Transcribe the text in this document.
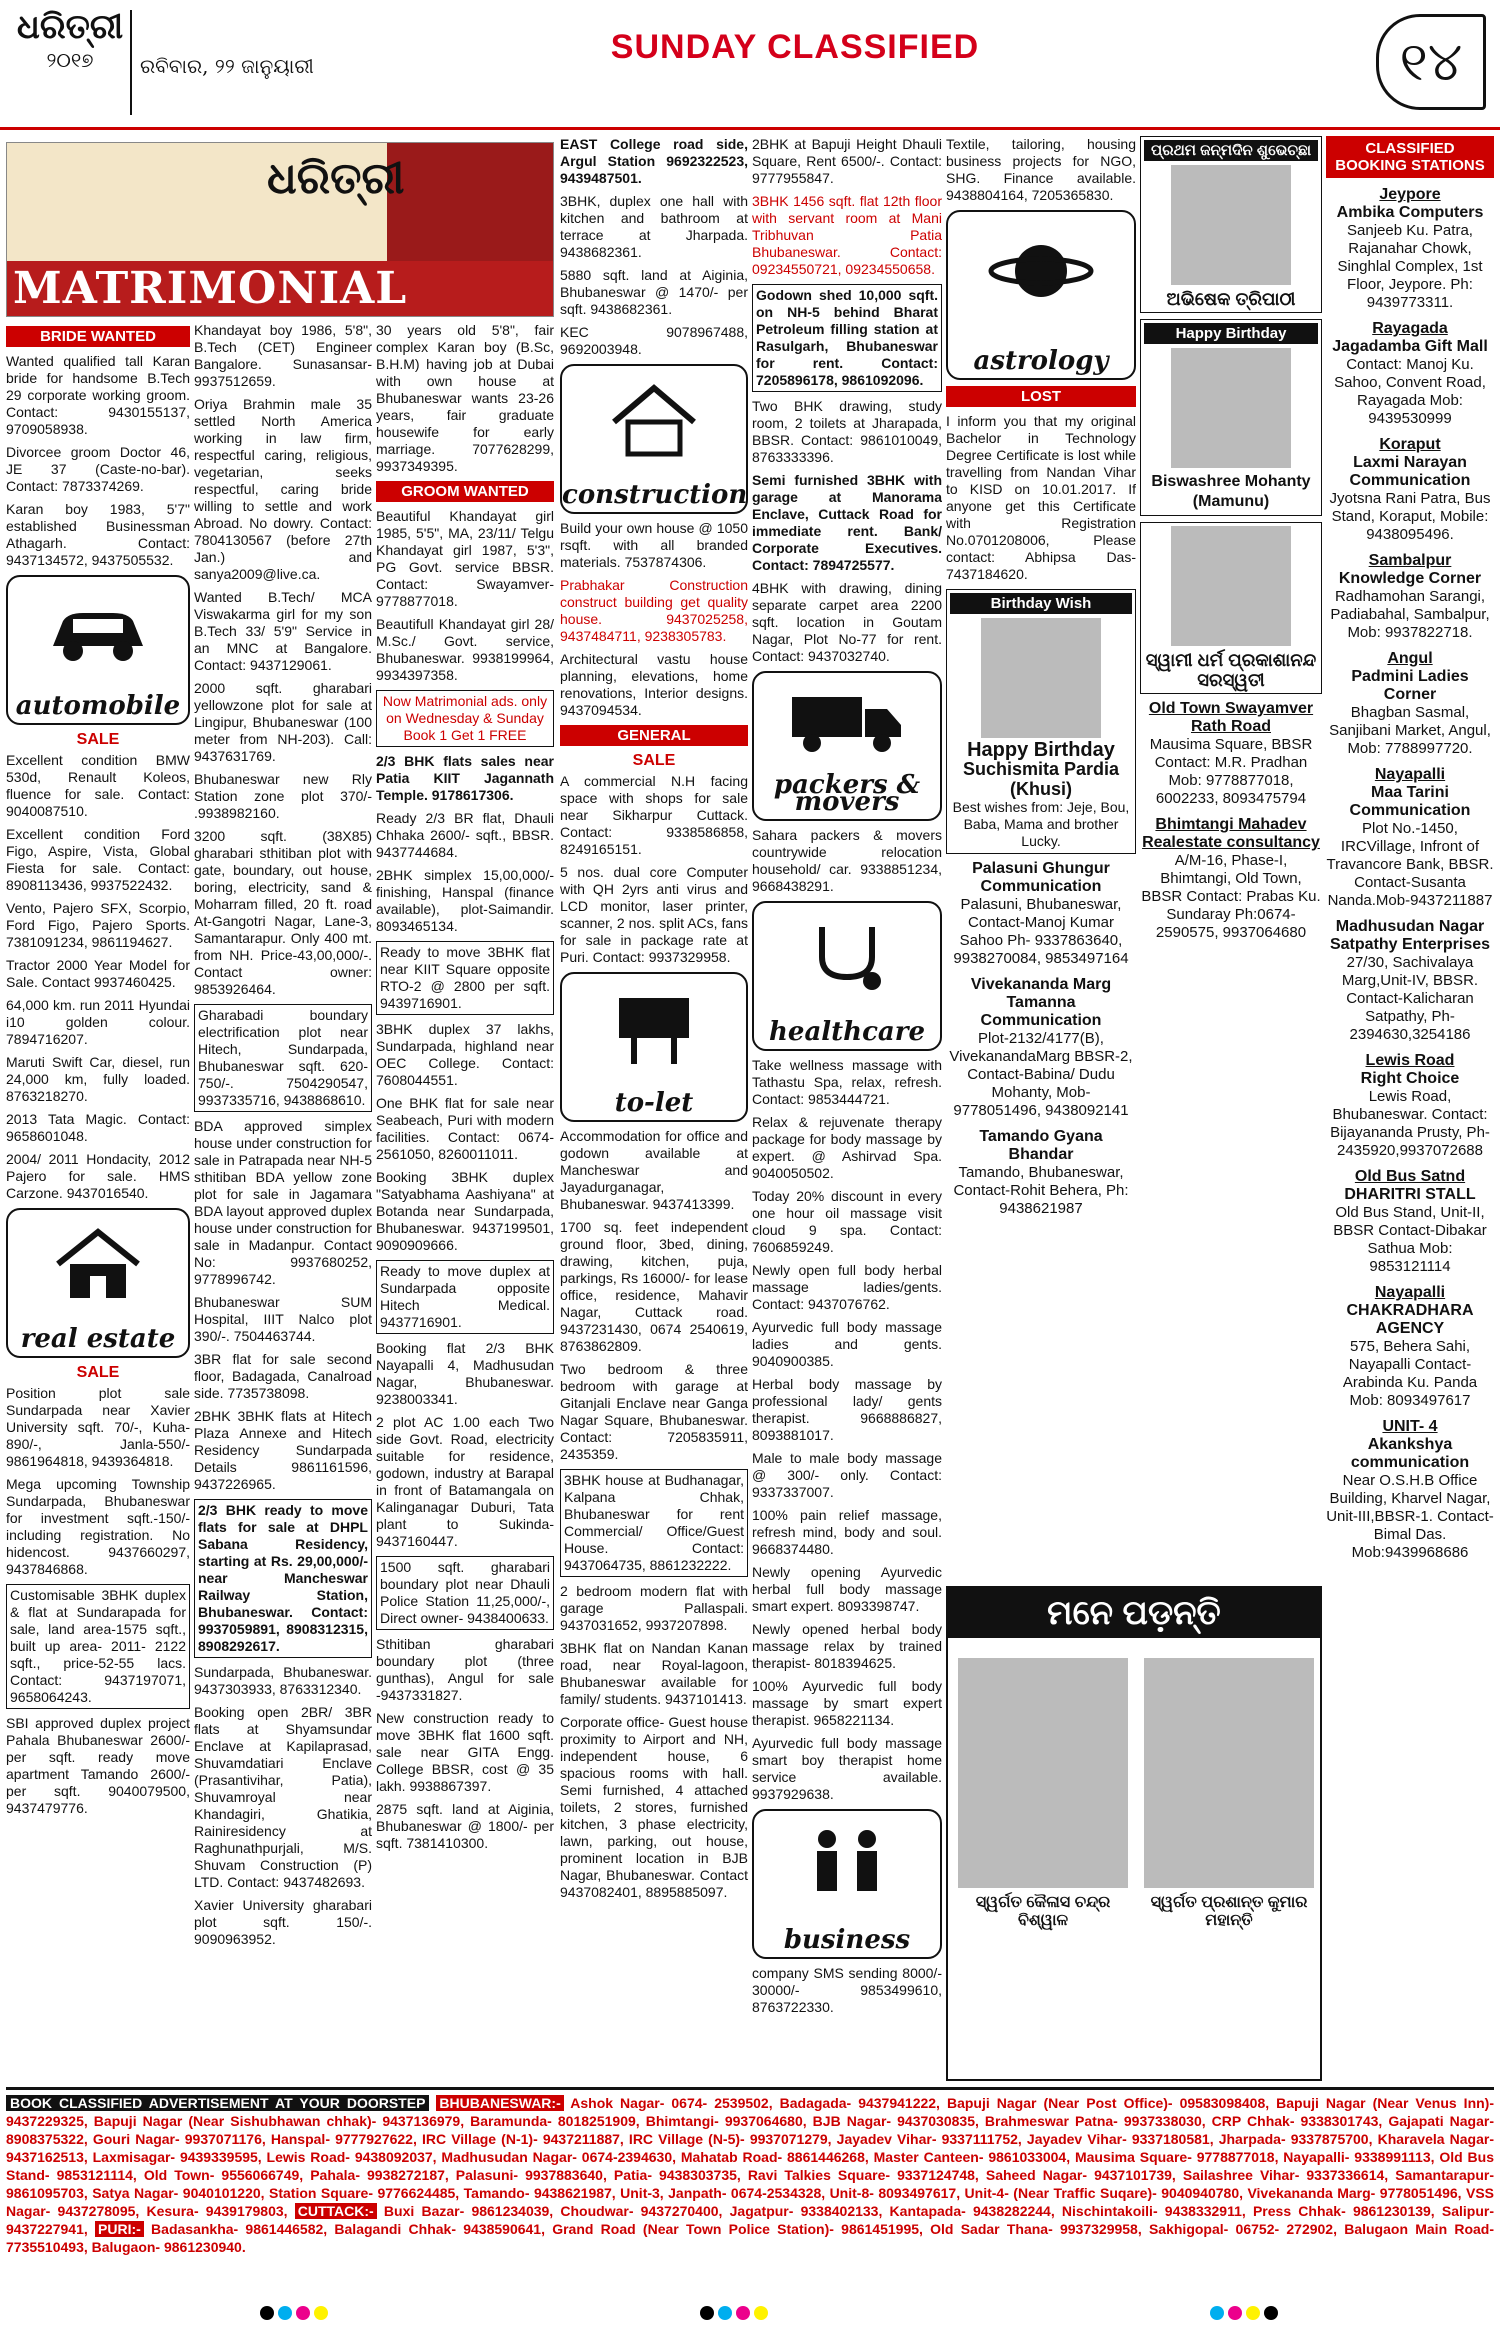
ଧରିତ୍ରୀ
୨୦୧୭	ରବିବାର, ୨୨ ଜାନୁୟାରୀ	SUNDAY CLASSIFIED	୧୪
ଧରିତ୍ରୀ
MATRIMONIAL
BRIDE WANTED
Wanted qualified tall Karan bride for handsome B.Tech 29 corporate working groom. Contact: 9430155137, 9709058938.
Divorcee groom Doctor 46, JE 37 (Caste-no-bar). Contact: 7873374269.
Karan boy 1983, 5'7" established Businessman Athagarh. Contact: 9437134572, 9437505532.
automobile
SALE
Excellent condition BMW 530d, Renault Koleos, fluence for sale. Contact: 9040087510.
Excellent condition Ford Figo, Aspire, Vista, Global Fiesta for sale. Contact: 8908113436, 9937522432.
Vento, Pajero SFX, Scorpio, Ford Figo, Pajero Sports. 7381091234, 9861194627.
Tractor 2000 Year Model for Sale. Contact 9937460425.
64,000 km. run 2011 Hyundai i10 golden colour. 7894716207.
Maruti Swift Car, diesel, run 24,000 km, fully loaded. 8763218270.
2013 Tata Magic. Contact: 9658601048.
2004/ 2011 Hondacity, 2012 Pajero for sale. HMS Carzone. 9437016540.
real estate
SALE
Position plot sale Sundarpada near Xavier University sqft. 70/-, Kuha-890/-, Janla-550/- 9861964818, 9439364818.
Mega upcoming Township Sundarpada, Bhubaneswar for investment sqft.-150/- including registration. No hidencost. 9437660297, 9437846868.
Customisable 3BHK duplex & flat at Sundarapada for sale, land area-1575 sqft., built up area- 2011- 2122 sqft., price-52-55 lacs. Contact: 9437197071, 9658064243.
SBI approved duplex project Pahala Bhubaneswar 2600/- per sqft. ready move apartment Tamando 2600/- per sqft. 9040079500, 9437479776.
Khandayat boy 1986, 5'8", B.Tech (CET) Engineer Bangalore. Sunasansar-9937512659.
Oriya Brahmin male 35 settled North America working in law firm, respectful caring, religious, vegetarian, seeks respectful, caring bride willing to settle and work Abroad. No dowry. Contact: 7804130567 (before 27th Jan.) and sanya2009@live.ca.
Wanted B.Tech/ MCA Viswakarma girl for my son B.Tech 33/ 5'9" Service in an MNC at Bangalore. Contact: 9437129061.
2000 sqft. gharabari yellowzone plot for sale at Lingipur, Bhubaneswar (100 meter from NH-203). Call: 9437631769.
Bhubaneswar new Rly Station zone plot 370/- .9938982160.
3200 sqft. (38X85) gharabari sthitiban plot with gate, boundary, out house, boring, electricity, sand & Moharram filled, 20 ft. road At-Gangotri Nagar, Lane-3, Samantarapur. Only 400 mt. from NH. Price-43,00,000/-. Contact owner: 9853926464.
Gharabadi boundary electrification plot near Hitech, Sundarpada, Bhubaneswar sqft. 620-750/-. 7504290547, 9937335716, 9438868610.
BDA approved simplex house under construction for sale in Patrapada near NH-5 sthitiban BDA yellow zone plot for sale in Jagamara BDA layout approved duplex house under construction for sale in Madanpur. Contact No: 9937680252, 9778996742.
Bhubaneswar SUM Hospital, IIIT Nalco plot 390/-. 7504463744.
3BR flat for sale second floor, Badagada, Canalroad side. 7735738098.
2BHK 3BHK flats at Hitech Plaza Annexe and Hitech Residency Sundarpada Details 9861161596, 9437226965.
2/3 BHK ready to move flats for sale at DHPL Sabana Residency, starting at Rs. 29,00,000/- near Mancheswar Railway Station, Bhubaneswar. Contact: 9937059891, 8908312315, 8908292617.
Sundarpada, Bhubaneswar. 9437303933, 8763312340.
Booking open 2BR/ 3BR flats at Shyamsundar Enclave at Kapilaprasad, Shuvamdatiari Enclave (Prasantivihar, Patia), Shuvamroyal near Khandagiri, Ghatikia, Rainiresidency at Raghunathpurjali, M/S. Shuvam Construction (P) LTD. Contact: 9437482693.
Xavier University gharabari plot sqft. 150/-. 9090963952.
30 years old 5'8", fair complex Karan boy (B.Sc, B.H.M) having job at Dubai with own house at Bhubaneswar wants 23-26 years, fair graduate housewife for early marriage. 7077628299, 9937349395.
GROOM WANTED
Beautiful Khandayat girl 1985, 5'5", MA, 23/11/ Telgu Khandayat girl 1987, 5'3", PG Govt. service BBSR. Contact: Swayamver- 9778877018.
Beautifull Khandayat girl 28/ M.Sc./ Govt. service, Bhubaneswar. 9938199964, 9934397358.
Now Matrimonial ads. only on Wednesday & Sunday Book 1 Get 1 FREE
2/3 BHK flats sales near Patia KIIT Jagannath Temple. 9178617306.
Ready 2/3 BR flat, Dhauli Chhaka 2600/- sqft., BBSR. 9437744684.
2BHK simplex 15,00,000/- finishing, Hanspal (finance available), plot-Saimandir. 8093465134.
Ready to move 3BHK flat near KIIT Square opposite RTO-2 @ 2800 per sqft. 9439716901.
3BHK duplex 37 lakhs, Sundarpada, highland near OEC College. Contact: 7608044551.
One BHK flat for sale near Seabeach, Puri with modern facilities. Contact: 0674-2561050, 8260011011.
Booking 3BHK duplex "Satyabhama Aashiyana" at Botanda near Sundarpada, Bhubaneswar. 9437199501, 9090909666.
Ready to move duplex at Sundarpada opposite Hitech Medical. 9437716901.
Booking flat 2/3 BHK Nayapalli 4, Madhusudan Nagar, Bhubaneswar. 9238003341.
2 plot AC 1.00 each Two side Govt. Road, electricity suitable for residence, godown, industry at Barapal in front of Batamangala on Kalinganagar Duburi, Tata plant to Sukinda-9437160447.
1500 sqft. gharabari boundary plot near Dhauli Police Station 11,25,000/-, Direct owner- 9438400633.
Sthitiban gharabari boundary plot (three gunthas), Angul for sale -9437331827.
New construction ready to move 3BHK flat 1600 sqft. sale near GITA Engg. College BBSR, cost @ 35 lakh. 9938867397.
2875 sqft. land at Aiginia, Bhubaneswar @ 1800/- per sqft. 7381410300.
EAST College road side, Argul Station 9692322523, 9439487501.
3BHK, duplex one hall with kitchen and bathroom at terrace at Jharpada. 9438682361.
5880 sqft. land at Aiginia, Bhubaneswar @ 1470/- per sqft. 9438682361.
KEC 9078967488, 9692003948.
construction
Build your own house @ 1050 rsqft. with all branded materials. 7537874306.
Prabhakar Construction construct building get quality house. 9437025258, 9437484711, 9238305783.
Architectural vastu house planning, elevations, home renovations, Interior designs. 9437094534.
GENERAL
SALE
A commercial N.H facing space with shops for sale near Sikharpur Cuttack. Contact: 9338586858, 8249165151.
5 nos. dual core Computer with QH 2yrs anti virus and LCD monitor, laser printer, scanner, 2 nos. split ACs, fans for sale in package rate at Puri. Contact: 9937329958.
to-let
Accommodation for office and godown available at Mancheswar and Jayadurganagar, Bhubaneswar. 9437413399.
1700 sq. feet independent ground floor, 3bed, dining, drawing, kitchen, puja, parkings, Rs 16000/- for lease office, residence, Mahavir Nagar, Cuttack road. 9437231430, 0674 2540619, 8763862809.
Two bedroom & three bedroom with garage at Gitanjali Enclave near Ganga Nagar Square, Bhubaneswar. Contact: 7205835911, 2435359.
3BHK house at Budhanagar, Kalpana Chhak, Bhubaneswar for rent Commercial/ Office/Guest House. Contact: 9437064735, 8861232222.
2 bedroom modern flat with garage Pallaspali. 9437031652, 9937207898.
3BHK flat on Nandan Kanan road, near Royal-lagoon, Bhubaneswar available for family/ students. 9437101413.
Corporate office- Guest house proximity to Airport and NH, independent house, 6 spacious rooms with hall. Semi furnished, 4 attached toilets, 2 stores, furnished kitchen, 3 phase electricity, lawn, parking, out house, prominent location in BJB Nagar, Bhubaneswar. Contact 9437082401, 8895885097.
2BHK at Bapuji Height Dhauli Square, Rent 6500/-. Contact: 9777955847.
3BHK 1456 sqft. flat 12th floor with servant room at Mani Tribhuvan Patia Bhubaneswar. Contact: 09234550721, 09234550658.
Godown shed 10,000 sqft. on NH-5 behind Bharat Petroleum filling station at Rasulgarh, Bhubaneswar for rent. Contact: 7205896178, 9861092096.
Two BHK drawing, study room, 2 toilets at Jharapada, BBSR. Contact: 9861010049, 8763333396.
Semi furnished 3BHK with garage at Manorama Enclave, Cuttack Road for immediate rent. Bank/ Corporate Executives. Contact: 7894725577.
4BHK with drawing, dining separate carpet area 2200 sqft. location in Goutam Nagar, Plot No-77 for rent. Contact: 9437032740.
packers & movers
Sahara packers & movers countrywide relocation household/ car. 9338851234, 9668438291.
healthcare
Take wellness massage with Tathastu Spa, relax, refresh. Contact: 9853444721.
Relax & rejuvenate therapy package for body massage by expert. @ Ashirvad Spa. 9040050502.
Today 20% discount in every one hour oil massage visit cloud 9 spa. Contact: 7606859249.
Newly open full body herbal massage ladies/gents. Contact: 9437076762.
Ayurvedic full body massage ladies and gents. 9040900385.
Herbal body massage by professional lady/ gents therapist. 9668886827, 8093881017.
Male to male body massage @ 300/- only. Contact: 9337337007.
100% pain relief massage, refresh mind, body and soul. 9668374480.
Newly opening Ayurvedic herbal full body massage smart expert. 8093398747.
Newly opened herbal body massage relax by trained therapist- 8018394625.
100% Ayurvedic full body massage by smart expert therapist. 9658221134.
Ayurvedic full body massage smart boy therapist home service available. 9937929638.
business
company SMS sending 8000/- 30000/- 9853499610, 8763722330.
Textile, tailoring, housing business projects for NGO, SHG. Finance available. 9438804164, 7205365830.
astrology
LOST
I inform you that my original Bachelor in Technology Degree Certificate is lost while travelling from Nandan Vihar to KISD on 10.01.2017. If anyone get this Certificate with Registration No.0701208006, Please contact: Abhipsa Das-7437184620.
Birthday Wish
Happy Birthday
Suchismita Pardia (Khusi)
Best wishes from: Jeje, Bou, Baba, Mama and brother Lucky.
Palasuni Ghungur Communication
Palasuni, Bhubaneswar, Contact-Manoj Kumar Sahoo Ph- 9337863640, 9938270084, 9853497164
Vivekananda Marg Tamanna Communication
Plot-2132/4177(B), VivekanandaMarg BBSR-2, Contact-Babina/ Dudu Mohanty, Mob- 9778051496, 9438092141
Tamando Gyana Bhandar
Tamando, Bhubaneswar, Contact-Rohit Behera, Ph: 9438621987
ପ୍ରଥମ ଜନ୍ମଦିନ ଶୁଭେଚ୍ଛା
ଅଭିଷେକ ତ୍ରିପାଠୀ
Happy Birthday
Biswashree Mohanty (Mamunu)
ସ୍ୱାମୀ ଧର୍ମ ପ୍ରକାଶାନନ୍ଦ ସରସ୍ୱତୀ
Old Town Swayamver Rath Road
Mausima Square, BBSR Contact: M.R. Pradhan Mob: 9778877018, 6002233, 8093475794
Bhimtangi Mahadev Realestate consultancy
A/M-16, Phase-I, Bhimtangi, Old Town, BBSR Contact: Prabas Ku. Sundaray Ph:0674-2590575, 9937064680
ମନେ ପଡ଼ନ୍ତି
ସ୍ୱର୍ଗତ କୈଳାସ ଚନ୍ଦ୍ର ବିଶ୍ୱାଳ
ସ୍ୱର୍ଗତ ପ୍ରଶାନ୍ତ କୁମାର ମହାନ୍ତି
CLASSIFIED BOOKING STATIONS
Jeypore
Ambika Computers
Sanjeeb Ku. Patra, Rajanahar Chowk, Singhlal Complex, 1st Floor, Jeypore. Ph: 9439773311.
Rayagada
Jagadamba Gift Mall
Contact: Manoj Ku. Sahoo, Convent Road, Rayagada Mob: 9439530999
Koraput
Laxmi Narayan Communication
Jyotsna Rani Patra, Bus Stand, Koraput, Mobile: 9438095496.
Sambalpur
Knowledge Corner
Radhamohan Sarangi, Padiabahal, Sambalpur, Mob: 9937822718.
Angul
Padmini Ladies Corner
Bhagban Sasmal, Sanjibani Market, Angul, Mob: 7788997720.
Nayapalli
Maa Tarini Communication
Plot No.-1450, IRCVillage, Infront of Travancore Bank, BBSR. Contact-Susanta Nanda.Mob-9437211887
Madhusudan Nagar Satpathy Enterprises
27/30, Sachivalaya Marg,Unit-IV, BBSR. Contact-Kalicharan Satpathy, Ph-2394630,3254186
Lewis Road
Right Choice
Lewis Road, Bhubaneswar. Contact: Bijayananda Prusty, Ph-2435920,9937072688
Old Bus Satnd
DHARITRI STALL
Old Bus Stand, Unit-II, BBSR Contact-Dibakar Sathua Mob: 9853121114
Nayapalli
CHAKRADHARA AGENCY
575, Behera Sahi, Nayapalli Contact-Arabinda Ku. Panda Mob: 8093497617
UNIT- 4
Akankshya communication
Near O.S.H.B Office Building, Kharvel Nagar, Unit-III,BBSR-1. Contact-Bimal Das. Mob:9439968686
BOOK CLASSIFIED ADVERTISEMENT AT YOUR DOORSTEP BHUBANESWAR:- Ashok Nagar- 0674- 2539502, Badagada- 9437941222, Bapuji Nagar (Near Post Office)- 09583098408, Bapuji Nagar (Near Venus Inn)- 9437229325, Bapuji Nagar (Near Sishubhawan chhak)- 9437136979, Baramunda- 8018251909, Bhimtangi- 9937064680, BJB Nagar- 9437030835, Brahmeswar Patna- 9937338030, CRP Chhak- 9338301743, Gajapati Nagar- 8908375322, Gouri Nagar- 9937071176, Hanspal- 9777927622, IRC Village (N-1)- 9437211887, IRC Village (N-5)- 9937071279, Jayadev Vihar- 9337111752, Jayadev Vihar- 9337180581, Jharpada- 9337875700, Kharavela Nagar- 9437162513, Laxmisagar- 9439339595, Lewis Road- 9438092037, Madhusudan Nagar- 0674-2394630, Mahatab Road- 8861446268, Master Canteen- 9861033004, Mausima Square- 9778877018, Nayapalli- 9338991113, Old Bus Stand- 9853121114, Old Town- 9556066749, Pahala- 9938272187, Palasuni- 9937883640, Patia- 9438303735, Ravi Talkies Square- 9337124748, Saheed Nagar- 9437101739, Sailashree Vihar- 9337336614, Samantarapur- 9861095703, Satya Nagar- 9040101220, Station Square- 9776624485, Tamando- 9438621987, Unit-3, Janpath- 0674-2534328, Unit-8- 8093497617, Unit-4- (Near Traffic Suqare)- 9040940780, Vivekananda Marg- 9778051496, VSS Nagar- 9437278095, Kesura- 9439179803, CUTTACK:- Buxi Bazar- 9861234039, Choudwar- 9437270400, Jagatpur- 9338402133, Kantapada- 9438282244, Nischintakoili- 9438332911, Press Chhak- 9861230139, Salipur- 9437227941, PURI:- Badasankha- 9861446582, Balagandi Chhak- 9438590641, Grand Road (Near Town Police Station)- 9861451995, Old Sadar Thana- 9937329958, Sakhigopal- 06752- 272902, Balugaon Main Road- 7735510493, Balugaon- 9861230940.
